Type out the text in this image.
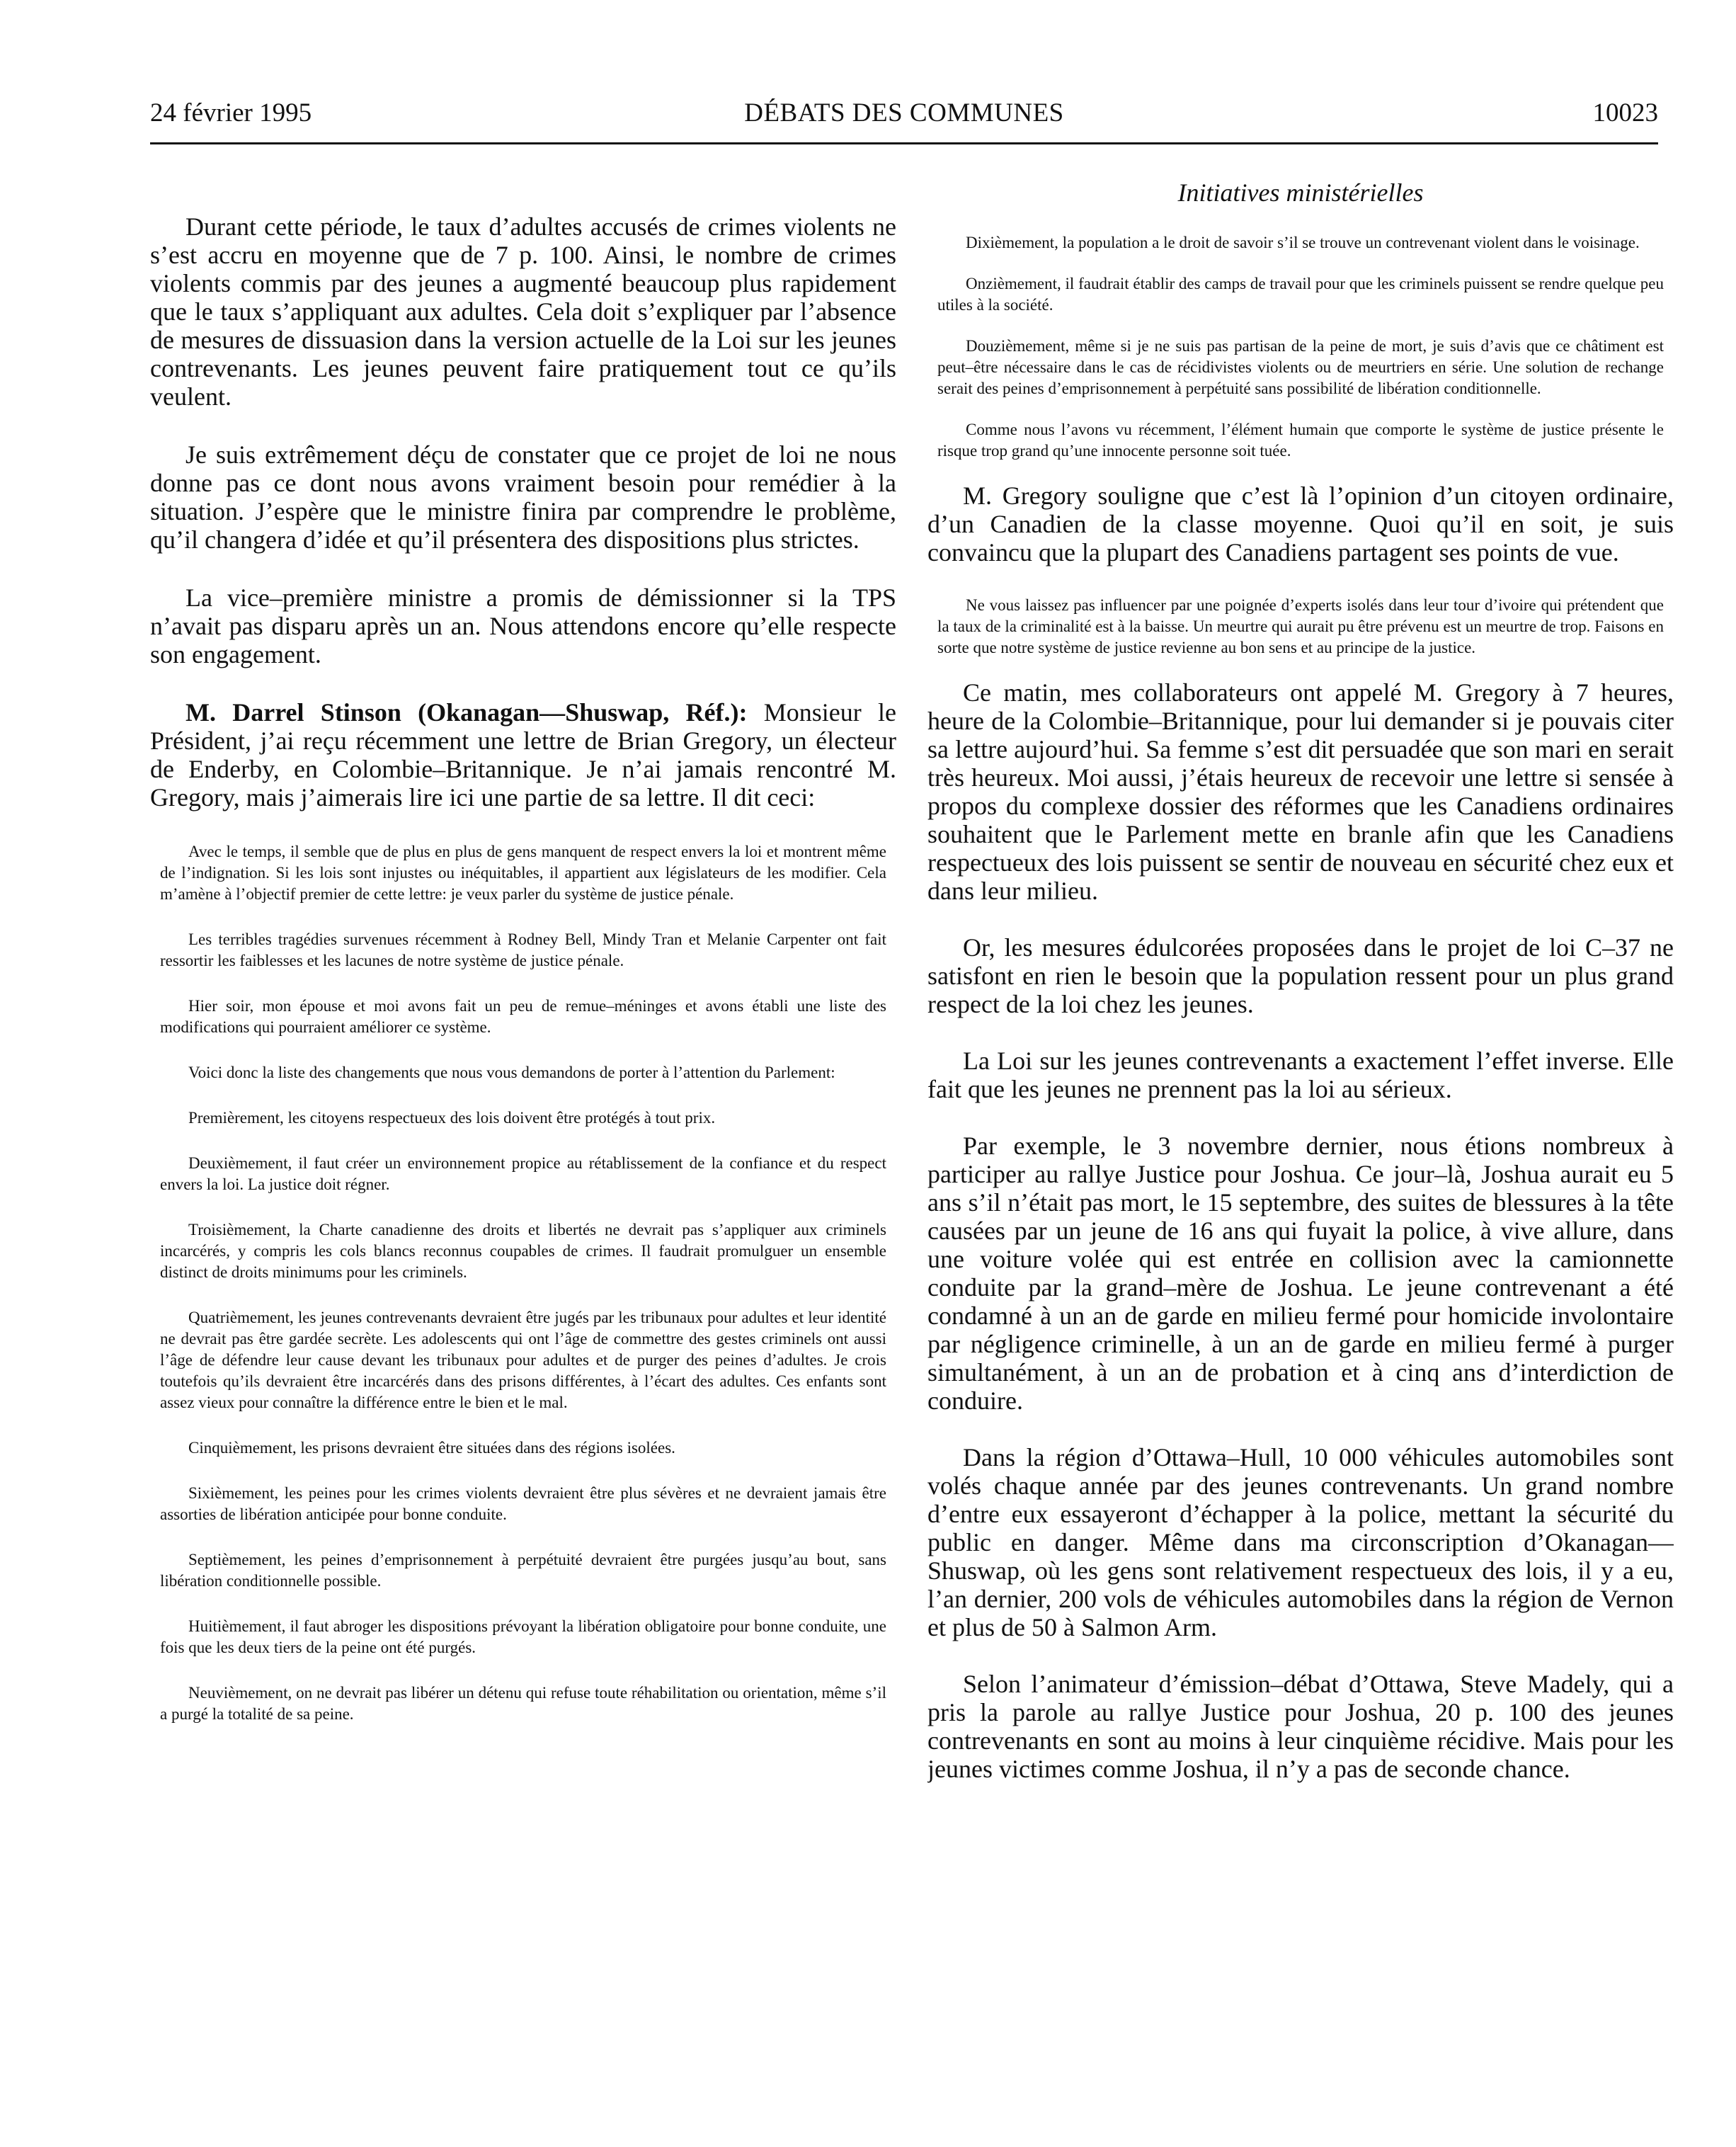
24 février 1995	DÉBATS DES COMMUNES	10023

Durant cette période, le taux d’adultes accusés de crimes violents ne s’est accru en moyenne que de 7 p. 100. Ainsi, le nombre de crimes violents commis par des jeunes a augmenté beaucoup plus rapidement que le taux s’appliquant aux adultes. Cela doit s’expliquer par l’absence de mesures de dissuasion dans la version actuelle de la Loi sur les jeunes contrevenants. Les jeunes peuvent faire pratiquement tout ce qu’ils veulent.

Je suis extrêmement déçu de constater que ce projet de loi ne nous donne pas ce dont nous avons vraiment besoin pour remédier à la situation. J’espère que le ministre finira par comprendre le problème, qu’il changera d’idée et qu’il présentera des dispositions plus strictes.

La vice–première ministre a promis de démissionner si la TPS n’avait pas disparu après un an. Nous attendons encore qu’elle respecte son engagement.

M. Darrel Stinson (Okanagan—Shuswap, Réf.): Monsieur le Président, j’ai reçu récemment une lettre de Brian Gregory, un électeur de Enderby, en Colombie–Britannique. Je n’ai jamais rencontré M. Gregory, mais j’aimerais lire ici une partie de sa lettre. Il dit ceci:

Avec le temps, il semble que de plus en plus de gens manquent de respect envers la loi et montrent même de l’indignation. Si les lois sont injustes ou inéquitables, il appartient aux législateurs de les modifier. Cela m’amène à l’objectif premier de cette lettre: je veux parler du système de justice pénale.

Les terribles tragédies survenues récemment à Rodney Bell, Mindy Tran et Melanie Carpenter ont fait ressortir les faiblesses et les lacunes de notre système de justice pénale.

Hier soir, mon épouse et moi avons fait un peu de remue–méninges et avons établi une liste des modifications qui pourraient améliorer ce système.

Voici donc la liste des changements que nous vous demandons de porter à l’attention du Parlement:

Premièrement, les citoyens respectueux des lois doivent être protégés à tout prix.

Deuxièmement, il faut créer un environnement propice au rétablissement de la confiance et du respect envers la loi. La justice doit régner.

Troisièmement, la Charte canadienne des droits et libertés ne devrait pas s’appliquer aux criminels incarcérés, y compris les cols blancs reconnus coupables de crimes. Il faudrait promulguer un ensemble distinct de droits minimums pour les criminels.

Quatrièmement, les jeunes contrevenants devraient être jugés par les tribunaux pour adultes et leur identité ne devrait pas être gardée secrète. Les adolescents qui ont l’âge de commettre des gestes criminels ont aussi l’âge de défendre leur cause devant les tribunaux pour adultes et de purger des peines d’adultes. Je crois toutefois qu’ils devraient être incarcérés dans des prisons différentes, à l’écart des adultes. Ces enfants sont assez vieux pour connaître la différence entre le bien et le mal.

Cinquièmement, les prisons devraient être situées dans des régions isolées.

Sixièmement, les peines pour les crimes violents devraient être plus sévères et ne devraient jamais être assorties de libération anticipée pour bonne conduite.

Septièmement, les peines d’emprisonnement à perpétuité devraient être purgées jusqu’au bout, sans libération conditionnelle possible.

Huitièmement, il faut abroger les dispositions prévoyant la libération obligatoire pour bonne conduite, une fois que les deux tiers de la peine ont été purgés.

Neuvièmement, on ne devrait pas libérer un détenu qui refuse toute réhabilitation ou orientation, même s’il a purgé la totalité de sa peine.

Initiatives ministérielles

Dixièmement, la population a le droit de savoir s’il se trouve un contrevenant violent dans le voisinage.

Onzièmement, il faudrait établir des camps de travail pour que les criminels puissent se rendre quelque peu utiles à la société.

Douzièmement, même si je ne suis pas partisan de la peine de mort, je suis d’avis que ce châtiment est peut–être nécessaire dans le cas de récidivistes violents ou de meurtriers en série. Une solution de rechange serait des peines d’emprisonnement à perpétuité sans possibilité de libération conditionnelle.

Comme nous l’avons vu récemment, l’élément humain que comporte le système de justice présente le risque trop grand qu’une innocente personne soit tuée.

M. Gregory souligne que c’est là l’opinion d’un citoyen ordinaire, d’un Canadien de la classe moyenne. Quoi qu’il en soit, je suis convaincu que la plupart des Canadiens partagent ses points de vue.

Ne vous laissez pas influencer par une poignée d’experts isolés dans leur tour d’ivoire qui prétendent que la taux de la criminalité est à la baisse. Un meurtre qui aurait pu être prévenu est un meurtre de trop. Faisons en sorte que notre système de justice revienne au bon sens et au principe de la justice.

Ce matin, mes collaborateurs ont appelé M. Gregory à 7 heures, heure de la Colombie–Britannique, pour lui demander si je pouvais citer sa lettre aujourd’hui. Sa femme s’est dit persuadée que son mari en serait très heureux. Moi aussi, j’étais heureux de recevoir une lettre si sensée à propos du complexe dossier des réformes que les Canadiens ordinaires souhaitent que le Parlement mette en branle afin que les Canadiens respectueux des lois puissent se sentir de nouveau en sécurité chez eux et dans leur milieu.

Or, les mesures édulcorées proposées dans le projet de loi C–37 ne satisfont en rien le besoin que la population ressent pour un plus grand respect de la loi chez les jeunes.

La Loi sur les jeunes contrevenants a exactement l’effet inverse. Elle fait que les jeunes ne prennent pas la loi au sérieux.

Par exemple, le 3 novembre dernier, nous étions nombreux à participer au rallye Justice pour Joshua. Ce jour–là, Joshua aurait eu 5 ans s’il n’était pas mort, le 15 septembre, des suites de blessures à la tête causées par un jeune de 16 ans qui fuyait la police, à vive allure, dans une voiture volée qui est entrée en collision avec la camionnette conduite par la grand–mère de Joshua. Le jeune contrevenant a été condamné à un an de garde en milieu fermé pour homicide involontaire par négligence criminelle, à un an de garde en milieu fermé à purger simultanément, à un an de probation et à cinq ans d’interdiction de conduire.

Dans la région d’Ottawa–Hull, 10 000 véhicules automobiles sont volés chaque année par des jeunes contrevenants. Un grand nombre d’entre eux essayeront d’échapper à la police, mettant la sécurité du public en danger. Même dans ma circonscription d’Okanagan—Shuswap, où les gens sont relativement respectueux des lois, il y a eu, l’an dernier, 200 vols de véhicules automobiles dans la région de Vernon et plus de 50 à Salmon Arm.

Selon l’animateur d’émission–débat d’Ottawa, Steve Madely, qui a pris la parole au rallye Justice pour Joshua, 20 p. 100 des jeunes contrevenants en sont au moins à leur cinquième récidive. Mais pour les jeunes victimes comme Joshua, il n’y a pas de seconde chance.
